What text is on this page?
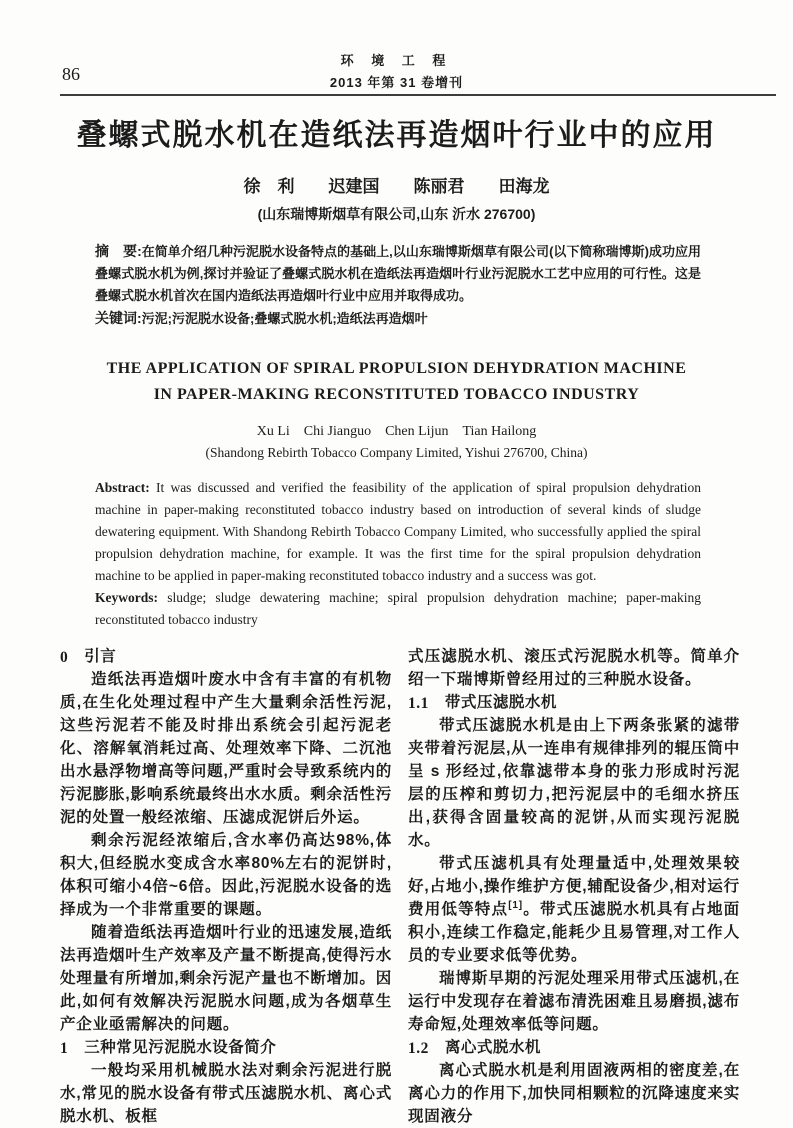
86
环 境 工 程
2013 年第 31 卷增刊
叠螺式脱水机在造纸法再造烟叶行业中的应用
徐　利　　迟建国　　陈丽君　　田海龙
(山东瑞博斯烟草有限公司,山东 沂水 276700)

摘　要:在简单介绍几种污泥脱水设备特点的基础上,以山东瑞博斯烟草有限公司(以下简称瑞博斯)成功应用叠螺式脱水机为例,探讨并验证了叠螺式脱水机在造纸法再造烟叶行业污泥脱水工艺中应用的可行性。这是叠螺式脱水机首次在国内造纸法再造烟叶行业中应用并取得成功。

关键词:污泥;污泥脱水设备;叠螺式脱水机;造纸法再造烟叶

THE APPLICATION OF SPIRAL PROPULSION DEHYDRATION MACHINE
IN PAPER-MAKING RECONSTITUTED TOBACCO INDUSTRY
Xu Li Chi Jianguo Chen Lijun Tian Hailong
(Shandong Rebirth Tobacco Company Limited, Yishui 276700, China)

Abstract: It was discussed and verified the feasibility of the application of spiral propulsion dehydration machine in paper-making reconstituted tobacco industry based on introduction of several kinds of sludge dewatering equipment. With Shandong Rebirth Tobacco Company Limited, who successfully applied the spiral propulsion dehydration machine, for example. It was the first time for the spiral propulsion dehydration machine to be applied in paper-making reconstituted tobacco industry and a success was got.

Keywords: sludge; sludge dewatering machine; spiral propulsion dehydration machine; paper-making reconstituted tobacco industry

0 引言

造纸法再造烟叶废水中含有丰富的有机物质,在生化处理过程中产生大量剩余活性污泥,这些污泥若不能及时排出系统会引起污泥老化、溶解氧消耗过高、处理效率下降、二沉池出水悬浮物增高等问题,严重时会导致系统内的污泥膨胀,影响系统最终出水水质。剩余活性污泥的处置一般经浓缩、压滤成泥饼后外运。

剩余污泥经浓缩后,含水率仍高达98%,体积大,但经脱水变成含水率80%左右的泥饼时,体积可缩小4倍~6倍。因此,污泥脱水设备的选择成为一个非常重要的课题。

随着造纸法再造烟叶行业的迅速发展,造纸法再造烟叶生产效率及产量不断提高,使得污水处理量有所增加,剩余污泥产量也不断增加。因此,如何有效解决污泥脱水问题,成为各烟草生产企业亟需解决的问题。

1 三种常见污泥脱水设备简介

一般均采用机械脱水法对剩余污泥进行脱水,常见的脱水设备有带式压滤脱水机、离心式脱水机、板框

式压滤脱水机、滚压式污泥脱水机等。简单介绍一下瑞博斯曾经用过的三种脱水设备。

1.1 带式压滤脱水机

带式压滤脱水机是由上下两条张紧的滤带夹带着污泥层,从一连串有规律排列的辊压筒中呈 s 形经过,依靠滤带本身的张力形成时污泥层的压榨和剪切力,把污泥层中的毛细水挤压出,获得含固量较高的泥饼,从而实现污泥脱水。

带式压滤机具有处理量适中,处理效果较好,占地小,操作维护方便,辅配设备少,相对运行费用低等特点[1]。带式压滤脱水机具有占地面积小,连续工作稳定,能耗少且易管理,对工作人员的专业要求低等优势。

瑞博斯早期的污泥处理采用带式压滤机,在运行中发现存在着滤布清洗困难且易磨损,滤布寿命短,处理效率低等问题。

1.2 离心式脱水机

离心式脱水机是利用固液两相的密度差,在离心力的作用下,加快同相颗粒的沉降速度来实现固液分
